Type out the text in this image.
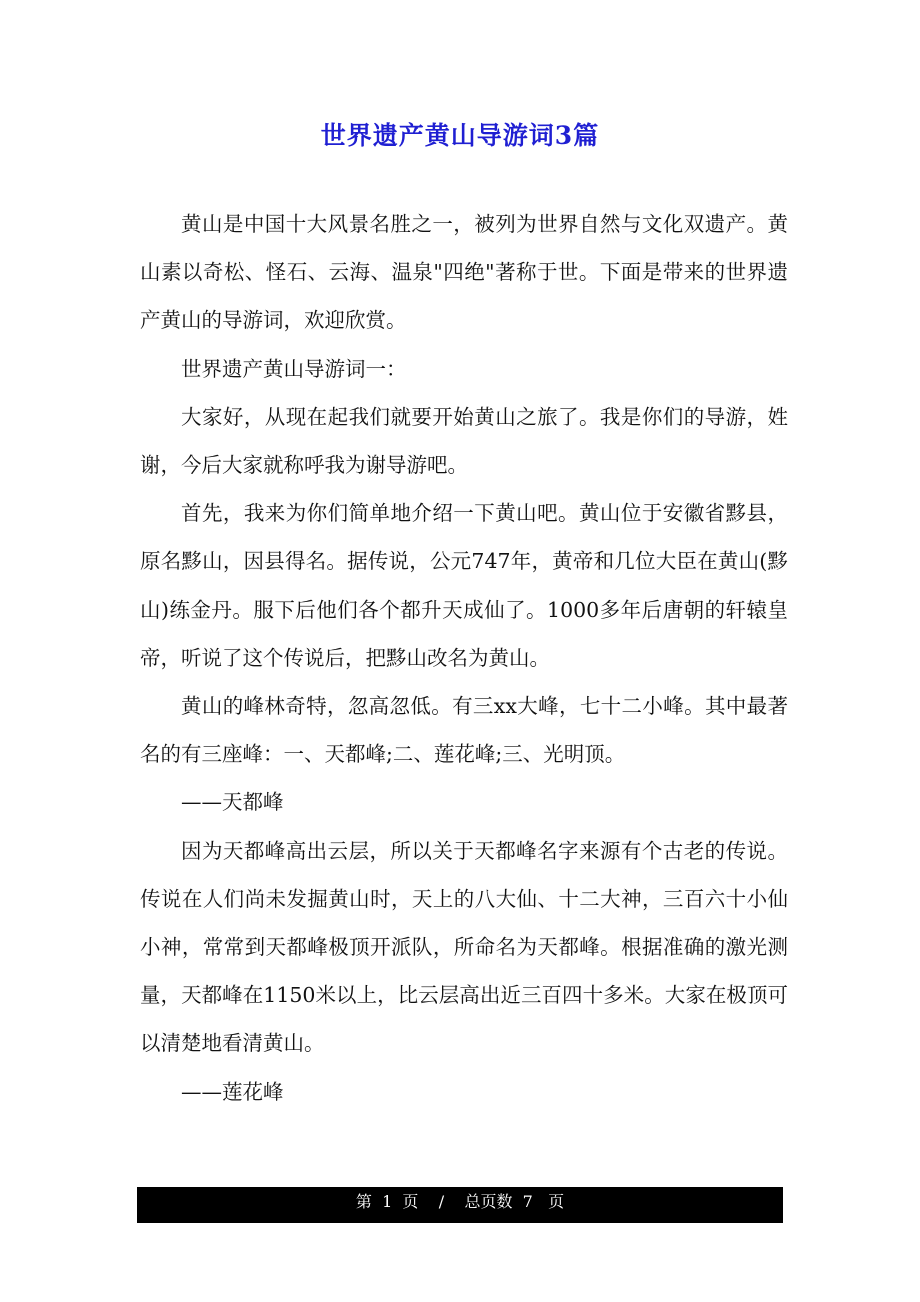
世界遗产黄山导游词3篇

黄山是中国十大风景名胜之一，被列为世界自然与文化双遗产。黄山素以奇松、怪石、云海、温泉"四绝"著称于世。下面是带来的世界遗产黄山的导游词，欢迎欣赏。

世界遗产黄山导游词一：

大家好，从现在起我们就要开始黄山之旅了。我是你们的导游，姓谢，今后大家就称呼我为谢导游吧。

首先，我来为你们简单地介绍一下黄山吧。黄山位于安徽省黟县，原名黟山，因县得名。据传说，公元747年，黄帝和几位大臣在黄山(黟山)练金丹。服下后他们各个都升天成仙了。1000多年后唐朝的轩辕皇帝，听说了这个传说后，把黟山改名为黄山。

黄山的峰林奇特，忽高忽低。有三xx大峰，七十二小峰。其中最著名的有三座峰：一、天都峰;二、莲花峰;三、光明顶。

——天都峰

因为天都峰高出云层，所以关于天都峰名字来源有个古老的传说。传说在人们尚未发掘黄山时，天上的八大仙、十二大神，三百六十小仙小神，常常到天都峰极顶开派队，所命名为天都峰。根据准确的激光测量，天都峰在1150米以上，比云层高出近三百四十多米。大家在极顶可以清楚地看清黄山。

——莲花峰

第  1  页    /    总页数  7   页
